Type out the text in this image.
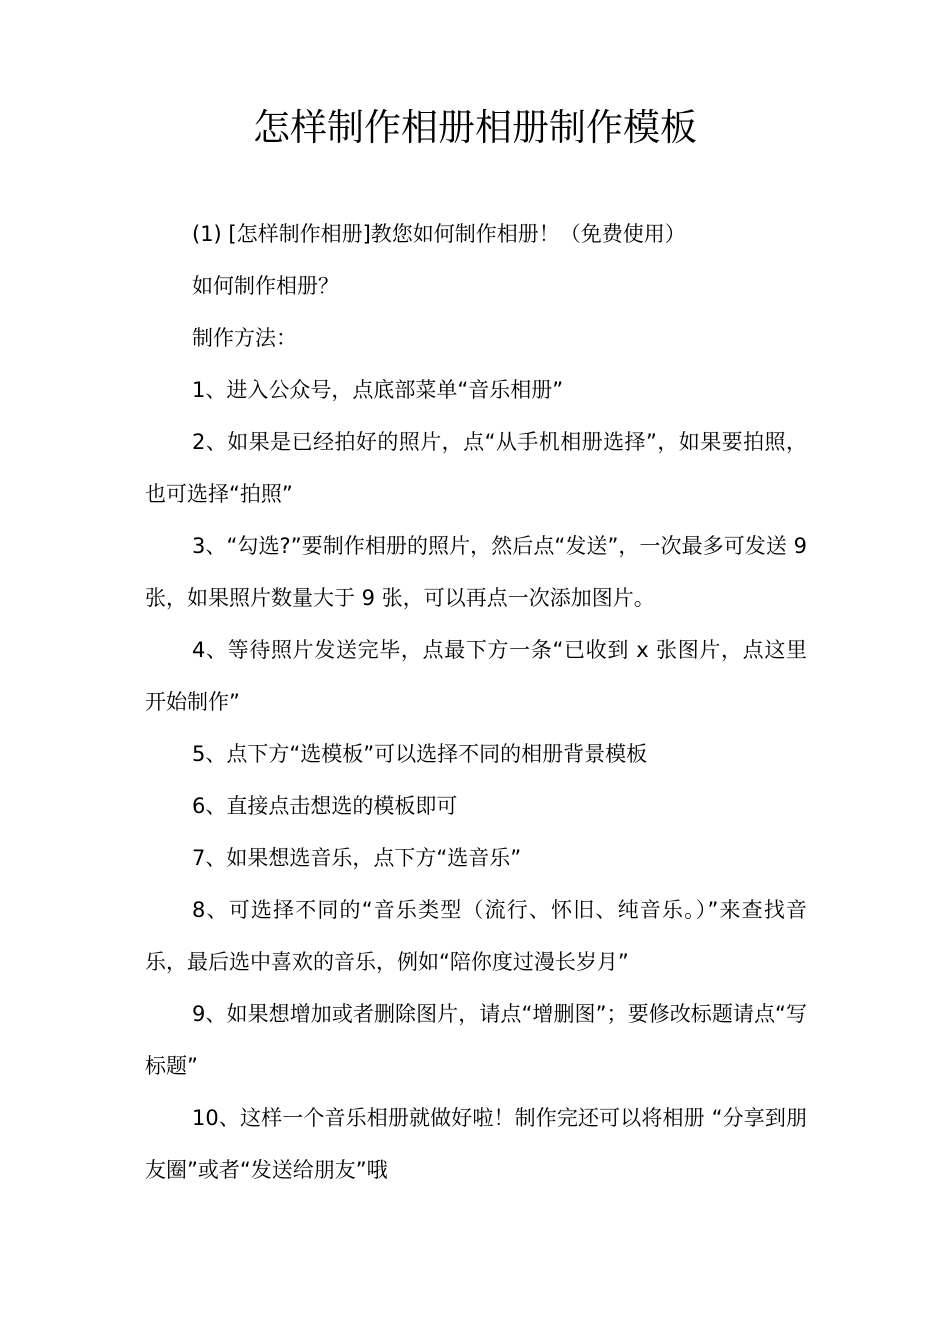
怎样制作相册相册制作模板

(1) [怎样制作相册]教您如何制作相册！（免费使用）

如何制作相册？

制作方法：

1、进入公众号，点底部菜单“音乐相册”

2、如果是已经拍好的照片，点“从手机相册选择”，如果要拍照，也可选择“拍照”

3、“勾选?”要制作相册的照片，然后点“发送”，一次最多可发送 9 张，如果照片数量大于 9 张，可以再点一次添加图片。

4、等待照片发送完毕，点最下方一条“已收到 x 张图片，点这里开始制作”

5、点下方“选模板”可以选择不同的相册背景模板

6、直接点击想选的模板即可

7、如果想选音乐，点下方“选音乐”

8、可选择不同的“音乐类型（流行、怀旧、纯音乐。）”来查找音乐，最后选中喜欢的音乐，例如“陪你度过漫长岁月”

9、如果想增加或者删除图片，请点“增删图”；要修改标题请点“写标题”

10、这样一个音乐相册就做好啦！制作完还可以将相册 “分享到朋友圈”或者“发送给朋友”哦
